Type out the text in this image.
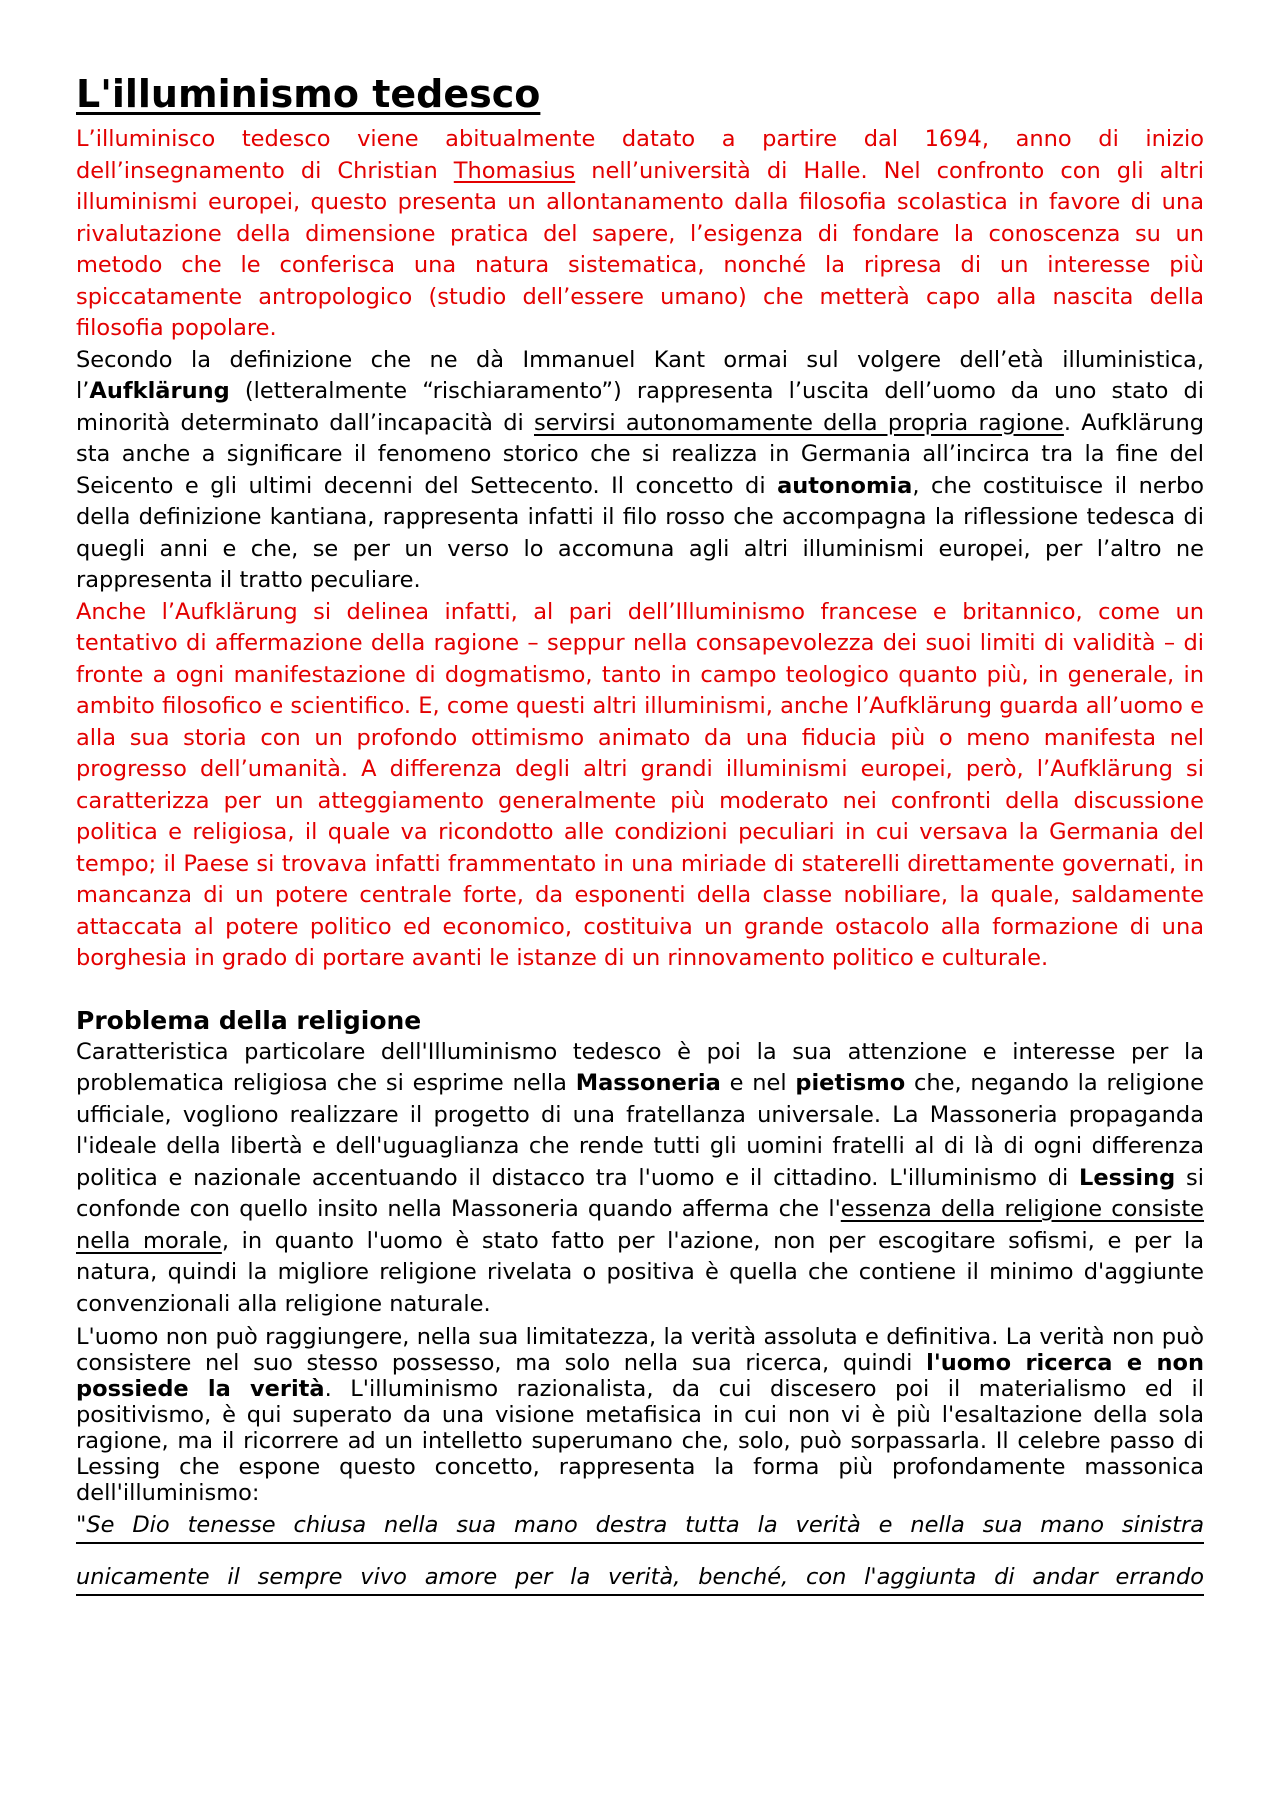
L'illuminismo tedesco

L’illuminisco tedesco viene abitualmente datato a partire dal 1694, anno di inizio dell’insegnamento di Christian Thomasius nell’università di Halle. Nel confronto con gli altri illuminismi europei, questo presenta un allontanamento dalla filosofia scolastica in favore di una rivalutazione della dimensione pratica del sapere, l’esigenza di fondare la conoscenza su un metodo che le conferisca una natura sistematica, nonché la ripresa di un interesse più spiccatamente antropologico (studio dell’essere umano) che metterà capo alla nascita della filosofia popolare.

Secondo la definizione che ne dà Immanuel Kant ormai sul volgere dell’età illuministica, l’Aufklärung (letteralmente “rischiaramento”) rappresenta l’uscita dell’uomo da uno stato di minorità determinato dall’incapacità di servirsi autonomamente della propria ragione. Aufklärung sta anche a significare il fenomeno storico che si realizza in Germania all’incirca tra la fine del Seicento e gli ultimi decenni del Settecento. Il concetto di autonomia, che costituisce il nerbo della definizione kantiana, rappresenta infatti il filo rosso che accompagna la riflessione tedesca di quegli anni e che, se per un verso lo accomuna agli altri illuminismi europei, per l’altro ne rappresenta il tratto peculiare.

Anche l’Aufklärung si delinea infatti, al pari dell’Illuminismo francese e britannico, come un tentativo di affermazione della ragione – seppur nella consapevolezza dei suoi limiti di validità – di fronte a ogni manifestazione di dogmatismo, tanto in campo teologico quanto più, in generale, in ambito filosofico e scientifico. E, come questi altri illuminismi, anche l’Aufklärung guarda all’uomo e alla sua storia con un profondo ottimismo animato da una fiducia più o meno manifesta nel progresso dell’umanità. A differenza degli altri grandi illuminismi europei, però, l’Aufklärung si caratterizza per un atteggiamento generalmente più moderato nei confronti della discussione politica e religiosa, il quale va ricondotto alle condizioni peculiari in cui versava la Germania del tempo; il Paese si trovava infatti frammentato in una miriade di staterelli direttamente governati, in mancanza di un potere centrale forte, da esponenti della classe nobiliare, la quale, saldamente attaccata al potere politico ed economico, costituiva un grande ostacolo alla formazione di una borghesia in grado di portare avanti le istanze di un rinnovamento politico e culturale.

Problema della religione

Caratteristica particolare dell'Illuminismo tedesco è poi la sua attenzione e interesse per la problematica religiosa che si esprime nella Massoneria e nel pietismo che, negando la religione ufficiale, vogliono realizzare il progetto di una fratellanza universale. La Massoneria propaganda l'ideale della libertà e dell'uguaglianza che rende tutti gli uomini fratelli al di là di ogni differenza politica e nazionale accentuando il distacco tra l'uomo e il cittadino. L'illuminismo di Lessing si confonde con quello insito nella Massoneria quando afferma che l'essenza della religione consiste nella morale, in quanto l'uomo è stato fatto per l'azione, non per escogitare sofismi, e per la natura, quindi la migliore religione rivelata o positiva è quella che contiene il minimo d'aggiunte convenzionali alla religione naturale.

L'uomo non può raggiungere, nella sua limitatezza, la verità assoluta e definitiva. La verità non può consistere nel suo stesso possesso, ma solo nella sua ricerca, quindi l'uomo ricerca e non possiede la verità. L'illuminismo razionalista, da cui discesero poi il materialismo ed il positivismo, è qui superato da una visione metafisica in cui non vi è più l'esaltazione della sola ragione, ma il ricorrere ad un intelletto superumano che, solo, può sorpassarla. Il celebre passo di Lessing che espone questo concetto, rappresenta la forma più profondamente massonica dell'illuminismo:

"Se Dio tenesse chiusa nella sua mano destra tutta la verità e nella sua mano sinistra
unicamente il sempre vivo amore per la verità, benché, con l'aggiunta di andar errando
